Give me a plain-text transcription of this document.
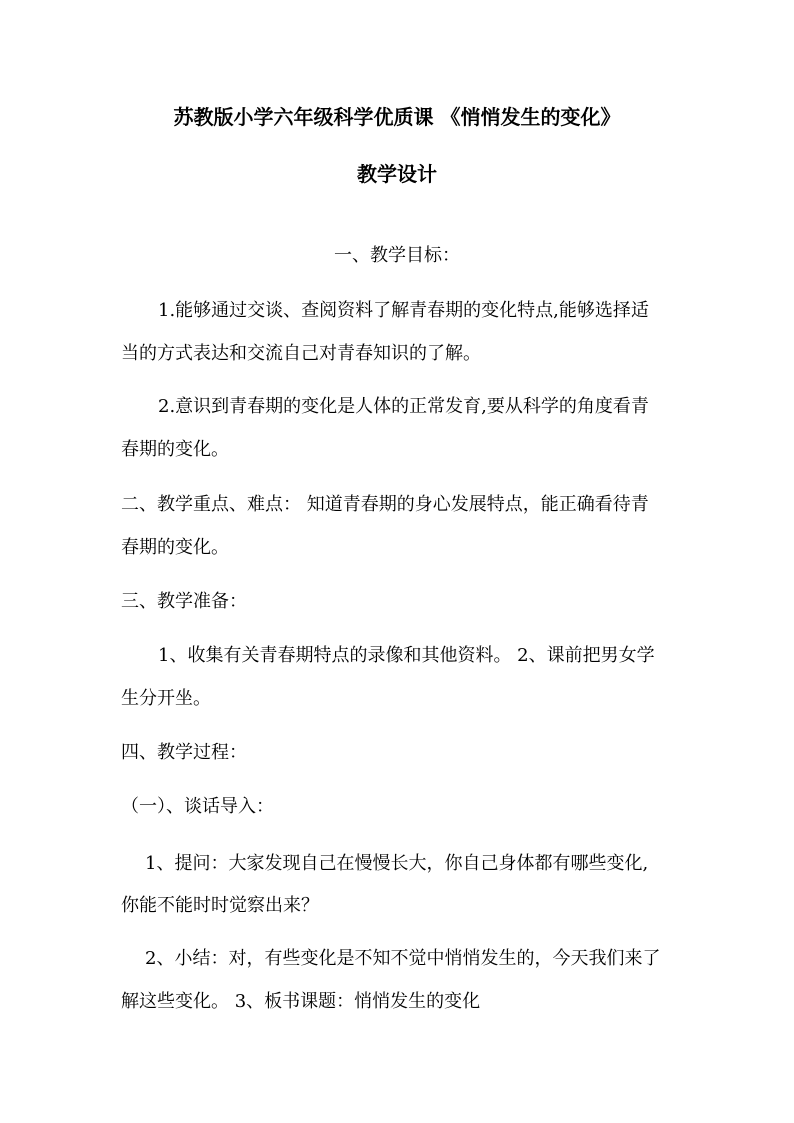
苏教版小学六年级科学优质课 《悄悄发生的变化》
教学设计
一、教学目标：
1.能够通过交谈、查阅资料了解青春期的变化特点,能够选择适
当的方式表达和交流自己对青春知识的了解。
2.意识到青春期的变化是人体的正常发育,要从科学的角度看青
春期的变化。
二、教学重点、难点： 知道青春期的身心发展特点，能正确看待青
春期的变化。
三、教学准备：
1、收集有关青春期特点的录像和其他资料。 2、课前把男女学
生分开坐。
四、教学过程：
（一）、谈话导入：
1、提问：大家发现自己在慢慢长大，你自己身体都有哪些变化,
你能不能时时觉察出来？
2、小结：对，有些变化是不知不觉中悄悄发生的，今天我们来了
解这些变化。 3、板书课题：悄悄发生的变化
